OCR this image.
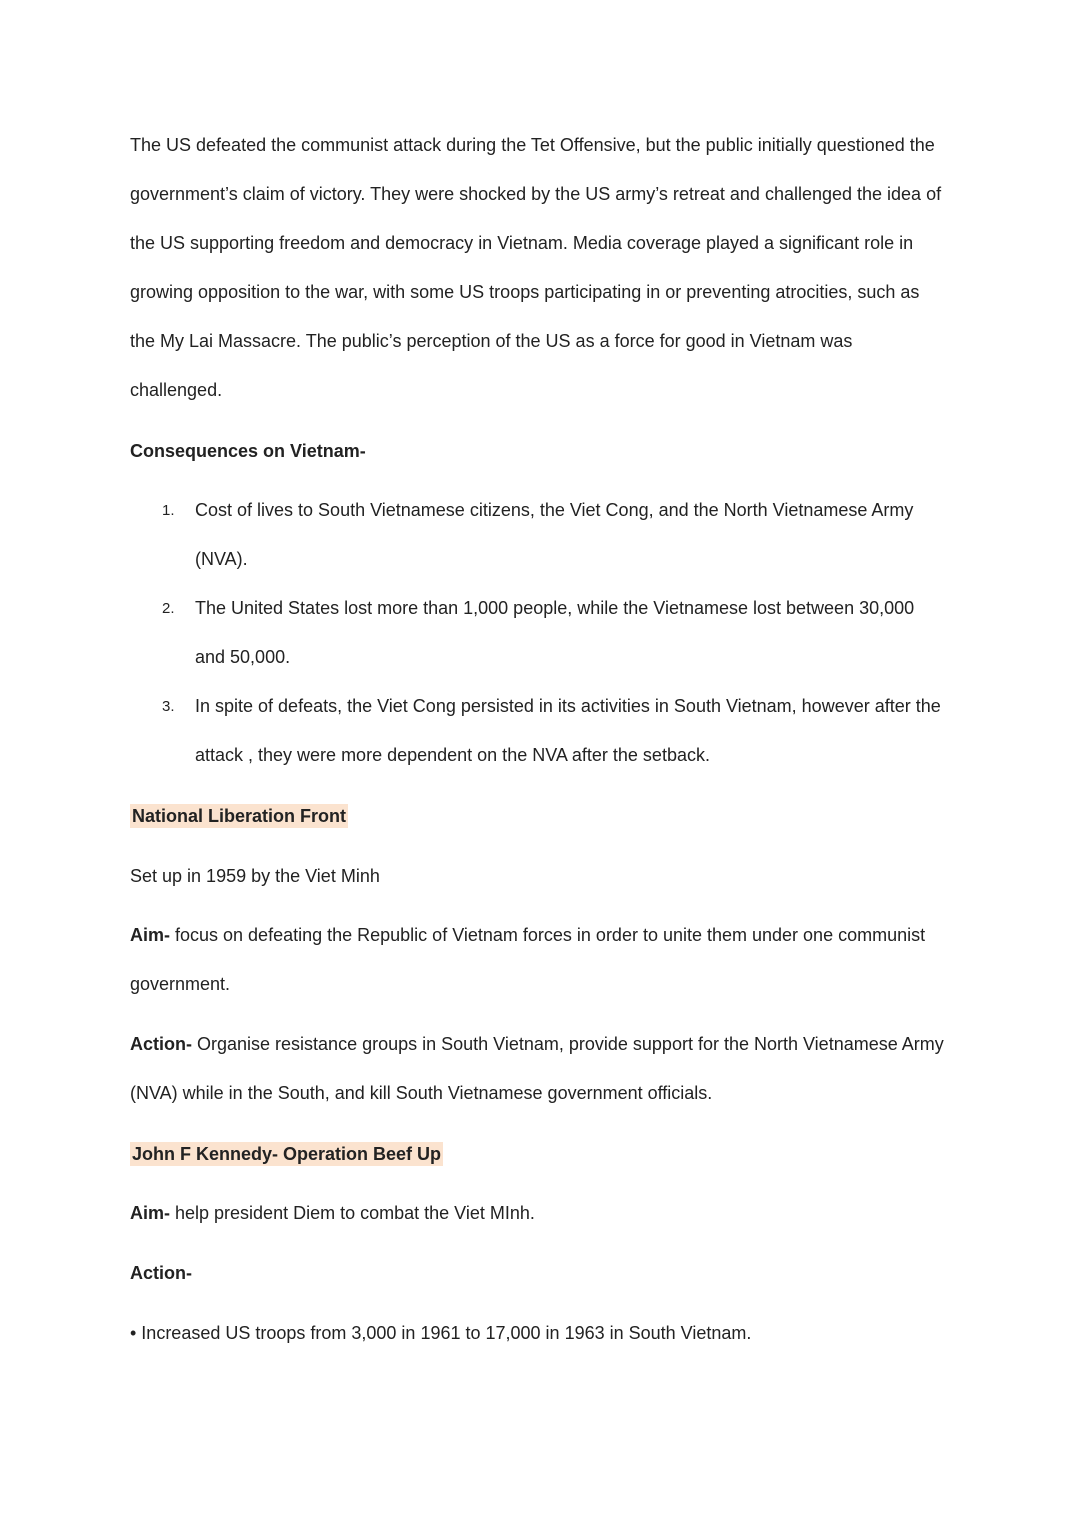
The US defeated the communist attack during the Tet Offensive, but the public initially questioned the government’s claim of victory. They were shocked by the US army’s retreat and challenged the idea of the US supporting freedom and democracy in Vietnam. Media coverage played a significant role in growing opposition to the war, with some US troops participating in or preventing atrocities, such as the My Lai Massacre. The public’s perception of the US as a force for good in Vietnam was challenged.

Consequences on Vietnam-

1. Cost of lives to South Vietnamese citizens, the Viet Cong, and the North Vietnamese Army (NVA).
2. The United States lost more than 1,000 people, while the Vietnamese lost between 30,000 and 50,000.
3. In spite of defeats, the Viet Cong persisted in its activities in South Vietnam, however after the attack , they were more dependent on the NVA after the setback.

National Liberation Front

Set up in 1959 by the Viet Minh

Aim- focus on defeating the Republic of Vietnam forces in order to unite them under one communist government.

Action- Organise resistance groups in South Vietnam, provide support for the North Vietnamese Army (NVA) while in the South, and kill South Vietnamese government officials.

John F Kennedy- Operation Beef Up

Aim- help president Diem to combat the Viet MInh.

Action-

• Increased US troops from 3,000 in 1961 to 17,000 in 1963 in South Vietnam.
